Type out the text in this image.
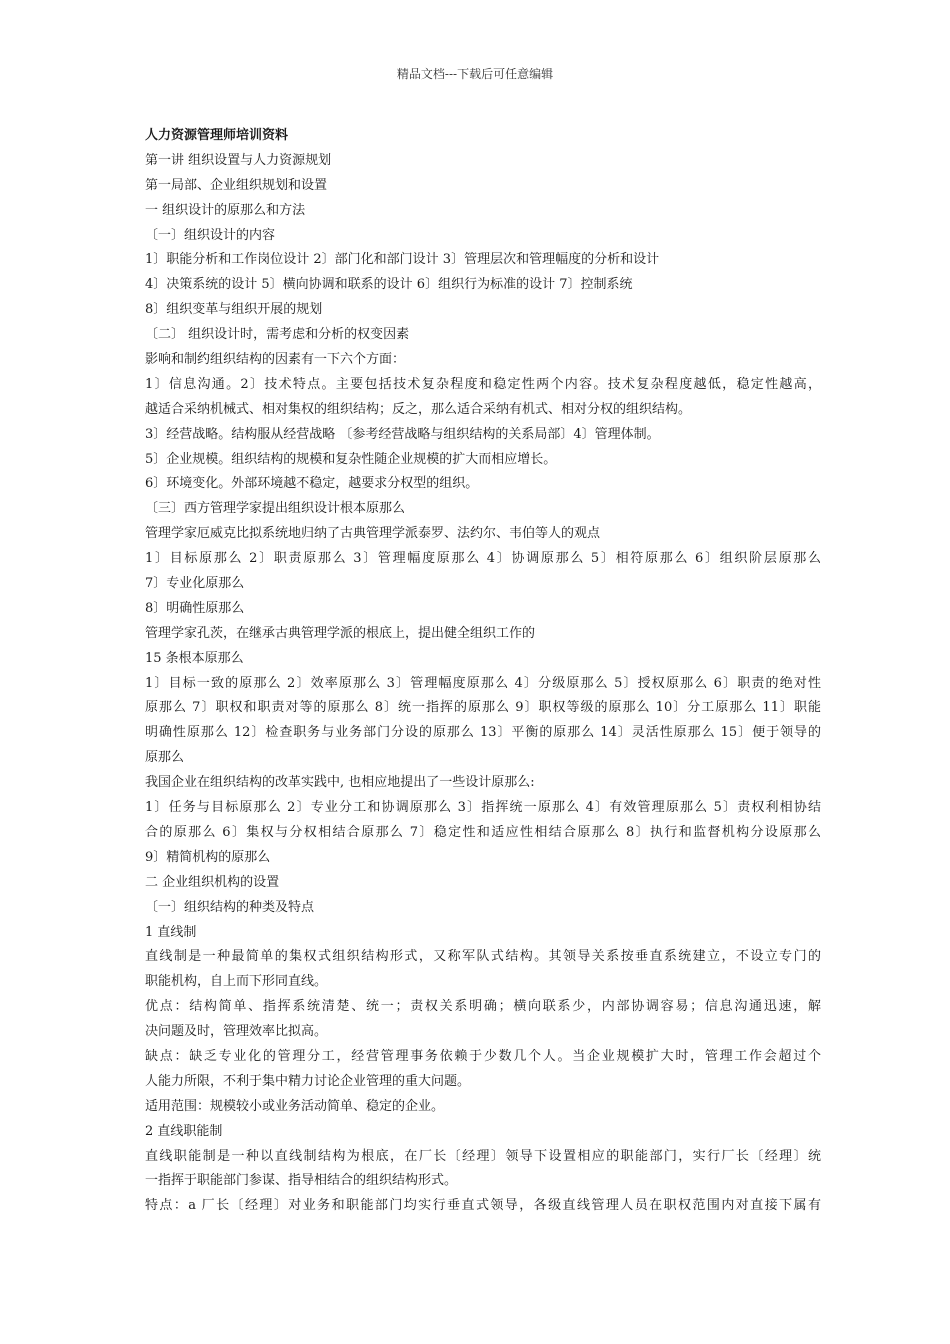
精品文档---下载后可任意编辑
人力资源管理师培训资料
第一讲 组织设置与人力资源规划
第一局部、企业组织规划和设置
一 组织设计的原那么和方法
〔一〕组织设计的内容
1〕职能分析和工作岗位设计 2〕部门化和部门设计 3〕管理层次和管理幅度的分析和设计
4〕决策系统的设计 5〕横向协调和联系的设计 6〕组织行为标准的设计 7〕控制系统
8〕组织变革与组织开展的规划
〔二〕 组织设计时，需考虑和分析的权变因素
影响和制约组织结构的因素有一下六个方面：
1〕信息沟通。2〕技术特点。主要包括技术复杂程度和稳定性两个内容。技术复杂程度越低，稳定性越高，
越适合采纳机械式、相对集权的组织结构；反之，那么适合采纳有机式、相对分权的组织结构。
3〕经营战略。结构服从经营战略 〔参考经营战略与组织结构的关系局部〕4〕管理体制。
5〕企业规模。组织结构的规模和复杂性随企业规模的扩大而相应增长。
6〕环境变化。外部环境越不稳定，越要求分权型的组织。
〔三〕西方管理学家提出组织设计根本原那么
管理学家厄威克比拟系统地归纳了古典管理学派泰罗、法约尔、韦伯等人的观点
1〕目标原那么 2〕职责原那么 3〕管理幅度原那么 4〕协调原那么 5〕相符原那么 6〕组织阶层原那么
7〕专业化原那么
8〕明确性原那么
管理学家孔茨，在继承古典管理学派的根底上，提出健全组织工作的
15 条根本原那么
1〕目标一致的原那么 2〕效率原那么 3〕管理幅度原那么 4〕分级原那么 5〕授权原那么 6〕职责的绝对性
原那么 7〕职权和职责对等的原那么 8〕统一指挥的原那么 9〕职权等级的原那么 10〕分工原那么 11〕职能
明确性原那么 12〕检查职务与业务部门分设的原那么 13〕平衡的原那么 14〕灵活性原那么 15〕便于领导的
原那么
我国企业在组织结构的改革实践中, 也相应地提出了一些设计原那么:
1〕任务与目标原那么 2〕专业分工和协调原那么 3〕指挥统一原那么 4〕有效管理原那么 5〕责权利相协结
合的原那么 6〕集权与分权相结合原那么 7〕稳定性和适应性相结合原那么 8〕执行和监督机构分设原那么
9〕精简机构的原那么
二 企业组织机构的设置
〔一〕组织结构的种类及特点
1 直线制
直线制是一种最简单的集权式组织结构形式，又称军队式结构。其领导关系按垂直系统建立，不设立专门的
职能机构，自上而下形同直线。
优点：结构简单、指挥系统清楚、统一；责权关系明确；横向联系少，内部协调容易；信息沟通迅速，解
决问题及时，管理效率比拟高。
缺点：缺乏专业化的管理分工，经营管理事务依赖于少数几个人。当企业规模扩大时，管理工作会超过个
人能力所限，不利于集中精力讨论企业管理的重大问题。
适用范围：规模较小或业务活动简单、稳定的企业。
2 直线职能制
直线职能制是一种以直线制结构为根底，在厂长〔经理〕领导下设置相应的职能部门，实行厂长〔经理〕统
一指挥于职能部门参谋、指导相结合的组织结构形式。
特点：a 厂长〔经理〕对业务和职能部门均实行垂直式领导，各级直线管理人员在职权范围内对直接下属有
